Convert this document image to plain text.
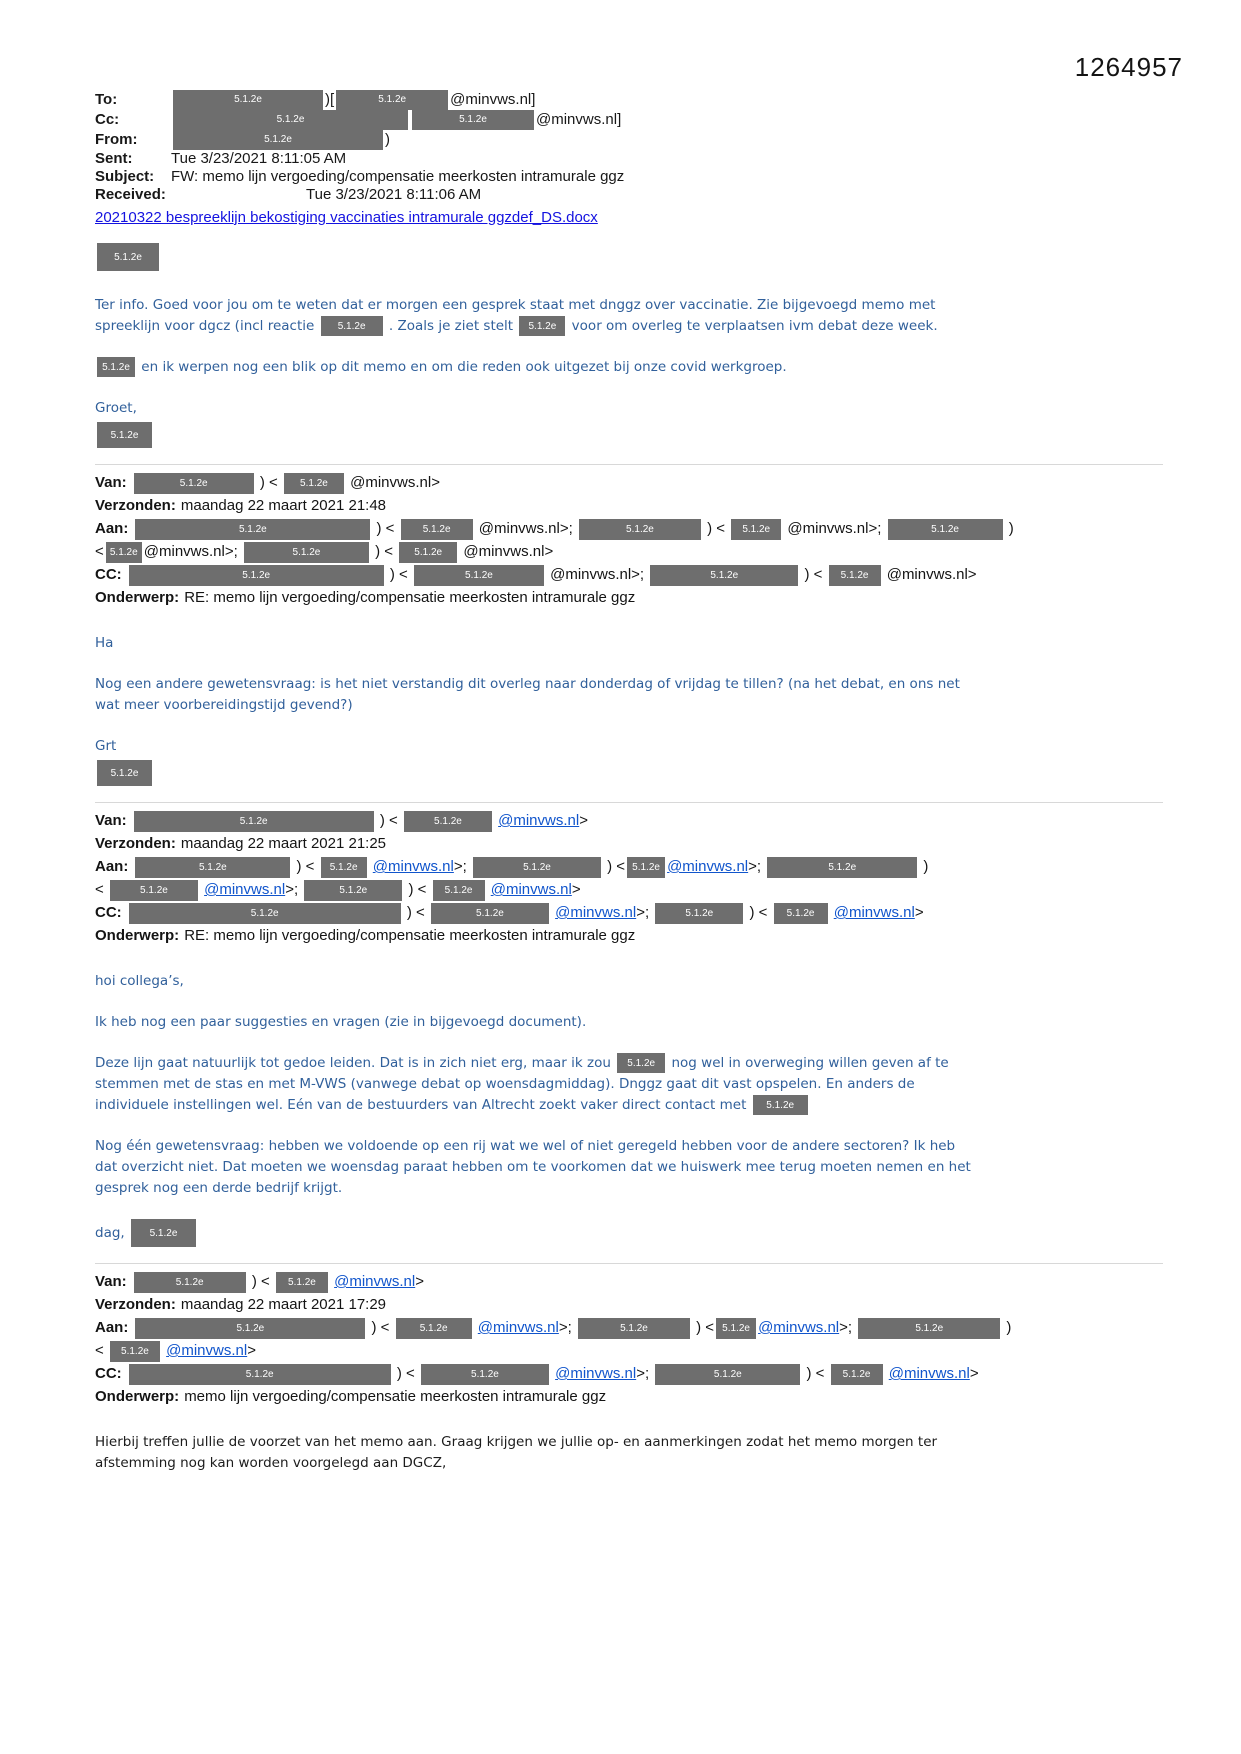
1264957
To:	5.1.2e	)[	5.1.2e	@minvws.nl]
Cc:	5.1.2e	5.1.2e	@minvws.nl]
From:	5.1.2e	)
Sent:	Tue 3/23/2021 8:11:05 AM
Subject:	FW: memo lijn vergoeding/compensatie meerkosten intramurale ggz
Received:	Tue 3/23/2021 8:11:06 AM
20210322 bespreeklijn bekostiging vaccinaties intramurale ggzdef_DS.docx
5.1.2e
Ter info. Goed voor jou om te weten dat er morgen een gesprek staat met dnggz over vaccinatie. Zie bijgevoegd memo met
spreeklijn voor dgcz (incl reactie 5.1.2e . Zoals je ziet stelt 5.1.2e voor om overleg te verplaatsen ivm debat deze week.
5.1.2e en ik werpen nog een blik op dit memo en om die reden ook uitgezet bij onze covid werkgroep.
Groet,
5.1.2e
Van:	5.1.2e	) < 5.1.2e @minvws.nl>
Verzonden: maandag 22 maart 2021 21:48
Aan:	5.1.2e	) < 5.1.2e @minvws.nl>;	5.1.2e	) < 5.1.2e @minvws.nl>;	5.1.2e	)
< 5.1.2e @minvws.nl>;	5.1.2e	) < 5.1.2e @minvws.nl>
CC:	5.1.2e	) <	5.1.2e	@minvws.nl>;	5.1.2e	) < 5.1.2e @minvws.nl>
Onderwerp: RE: memo lijn vergoeding/compensatie meerkosten intramurale ggz
Ha
Nog een andere gewetensvraag: is het niet verstandig dit overleg naar donderdag of vrijdag te tillen? (na het debat, en ons net
wat meer voorbereidingstijd gevend?)
Grt
5.1.2e
Van:	5.1.2e	) <	5.1.2e @minvws.nl>
Verzonden: maandag 22 maart 2021 21:25
Aan:	5.1.2e	) < 5.1.2e @minvws.nl>;	5.1.2e	) < 5.1.2e @minvws.nl>;	5.1.2e	)
<	5.1.2e @minvws.nl>;	5.1.2e ) < 5.1.2e @minvws.nl>
CC:	5.1.2e	) <	5.1.2e	@minvws.nl>;	5.1.2e ) < 5.1.2e @minvws.nl>
Onderwerp: RE: memo lijn vergoeding/compensatie meerkosten intramurale ggz
hoi collega’s,
Ik heb nog een paar suggesties en vragen (zie in bijgevoegd document).
Deze lijn gaat natuurlijk tot gedoe leiden. Dat is in zich niet erg, maar ik zou 5.1.2e nog wel in overweging willen geven af te
stemmen met de stas en met M-VWS (vanwege debat op woensdagmiddag). Dnggz gaat dit vast opspelen. En anders de
individuele instellingen wel. Eén van de bestuurders van Altrecht zoekt vaker direct contact met 5.1.2e
Nog één gewetensvraag: hebben we voldoende op een rij wat we wel of niet geregeld hebben voor de andere sectoren? Ik heb
dat overzicht niet. Dat moeten we woensdag paraat hebben om te voorkomen dat we huiswerk mee terug moeten nemen en het
gesprek nog een derde bedrijf krijgt.
dag, 5.1.2e
Van:	5.1.2e	) < 5.1.2e @minvws.nl>
Verzonden: maandag 22 maart 2021 17:29
Aan:	5.1.2e	) <	5.1.2e @minvws.nl>;	5.1.2e	) < 5.1.2e @minvws.nl>;	5.1.2e	)
< 5.1.2e @minvws.nl>
CC:	5.1.2e	) <	5.1.2e	@minvws.nl>;	5.1.2e	) < 5.1.2e @minvws.nl>
Onderwerp: memo lijn vergoeding/compensatie meerkosten intramurale ggz
Hierbij treffen jullie de voorzet van het memo aan. Graag krijgen we jullie op- en aanmerkingen zodat het memo morgen ter
afstemming nog kan worden voorgelegd aan DGCZ,
